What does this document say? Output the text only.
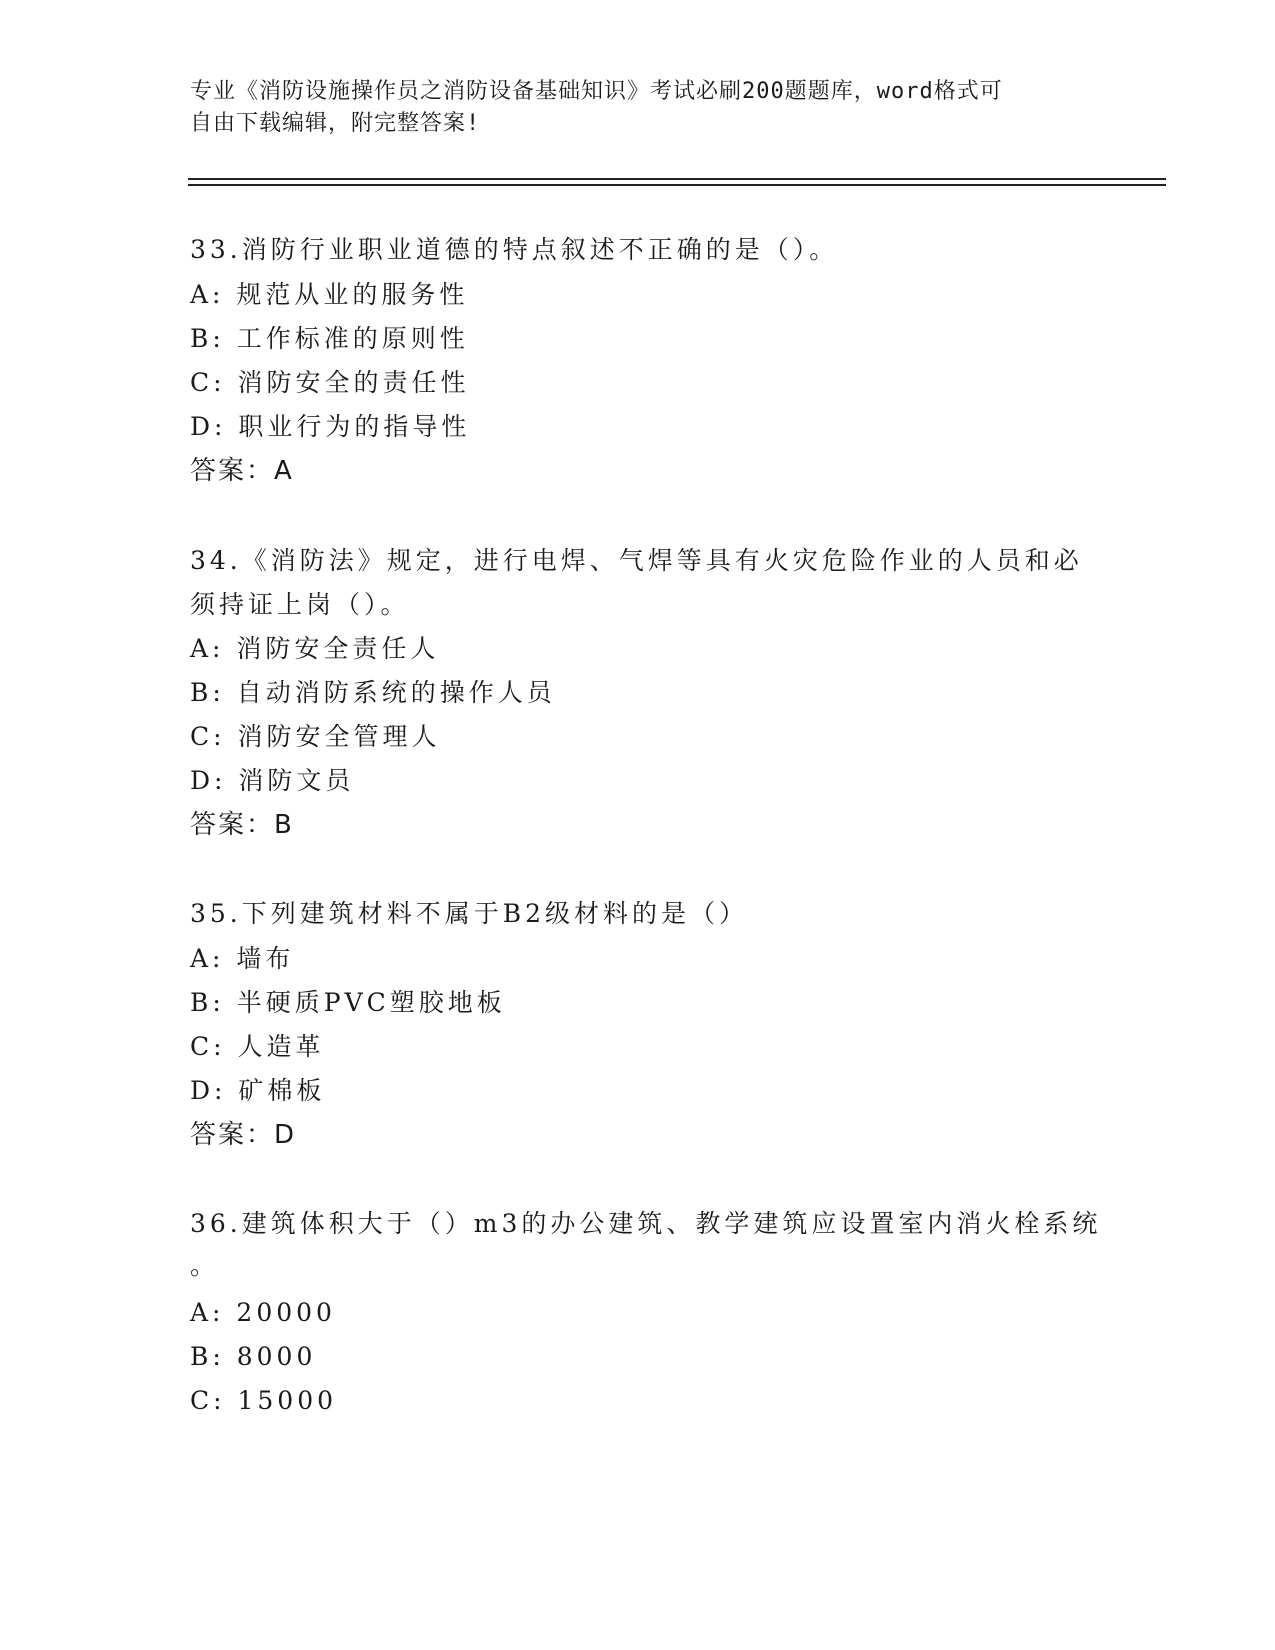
专业《消防设施操作员之消防设备基础知识》考试必刷200题题库，word格式可
自由下载编辑，附完整答案!
33.消防行业职业道德的特点叙述不正确的是（）。
A: 规范从业的服务性
B: 工作标准的原则性
C: 消防安全的责任性
D: 职业行为的指导性
答案：A
34.《消防法》规定，进行电焊、气焊等具有火灾危险作业的人员和必
须持证上岗（）。
A: 消防安全责任人
B: 自动消防系统的操作人员
C: 消防安全管理人
D: 消防文员
答案：B
35.下列建筑材料不属于B2级材料的是（）
A: 墙布
B: 半硬质PVC塑胶地板
C: 人造革
D: 矿棉板
答案：D
36.建筑体积大于（）m3的办公建筑、教学建筑应设置室内消火栓系统
。
A: 20000
B: 8000
C: 15000
